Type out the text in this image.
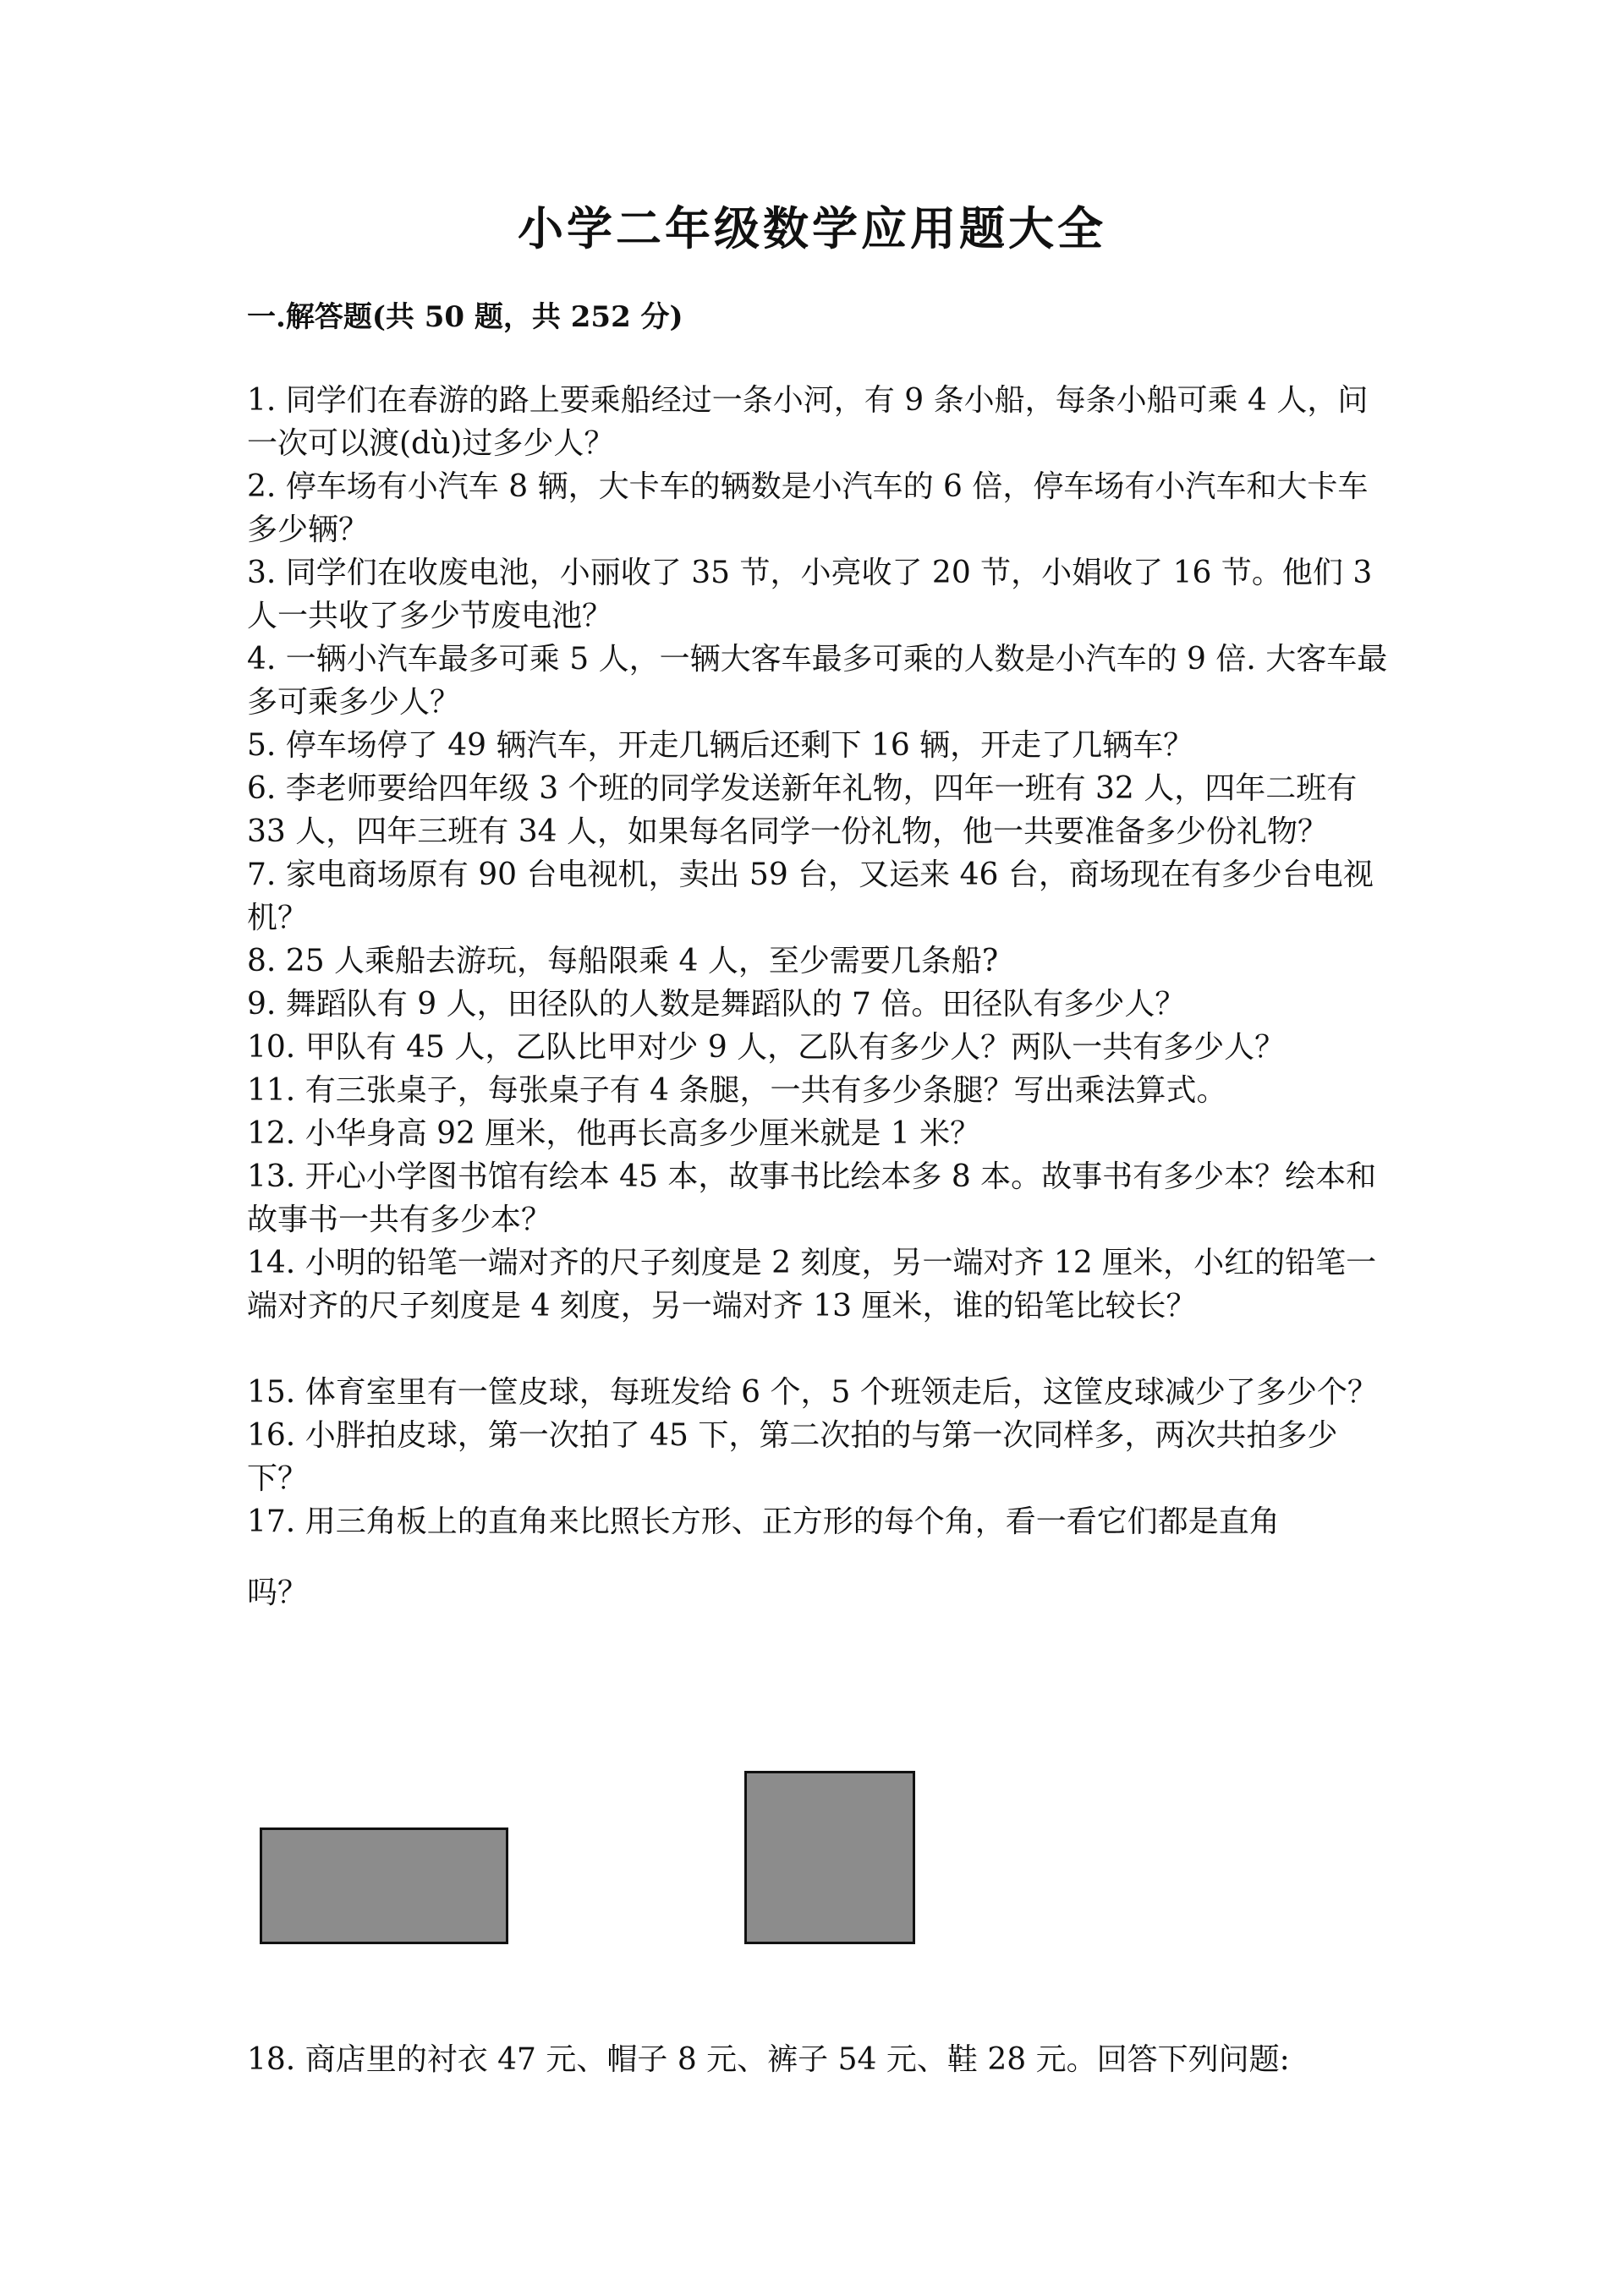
小学二年级数学应用题大全
一.解答题(共 50 题，共 252 分)

1. 同学们在春游的路上要乘船经过一条小河，有 9 条小船，每条小船可乘 4 人，问一次可以渡(dù)过多少人？

2. 停车场有小汽车 8 辆，大卡车的辆数是小汽车的 6 倍，停车场有小汽车和大卡车多少辆？

3. 同学们在收废电池，小丽收了 35 节，小亮收了 20 节，小娟收了 16 节。他们 3 人一共收了多少节废电池？

4. 一辆小汽车最多可乘 5 人，一辆大客车最多可乘的人数是小汽车的 9 倍. 大客车最多可乘多少人？

5. 停车场停了 49 辆汽车，开走几辆后还剩下 16 辆，开走了几辆车？

6. 李老师要给四年级 3 个班的同学发送新年礼物，四年一班有 32 人，四年二班有 33 人，四年三班有 34 人，如果每名同学一份礼物，他一共要准备多少份礼物？

7. 家电商场原有 90 台电视机，卖出 59 台，又运来 46 台，商场现在有多少台电视机？

8. 25 人乘船去游玩，每船限乘 4 人，至少需要几条船?

9. 舞蹈队有 9 人，田径队的人数是舞蹈队的 7 倍。田径队有多少人？

10. 甲队有 45 人，乙队比甲对少 9 人，乙队有多少人？两队一共有多少人？

11. 有三张桌子，每张桌子有 4 条腿，一共有多少条腿？写出乘法算式。

12. 小华身高 92 厘米，他再长高多少厘米就是 1 米？

13. 开心小学图书馆有绘本 45 本，故事书比绘本多 8 本。故事书有多少本？绘本和故事书一共有多少本？

14. 小明的铅笔一端对齐的尺子刻度是 2 刻度，另一端对齐 12 厘米，小红的铅笔一端对齐的尺子刻度是 4 刻度，另一端对齐 13 厘米，谁的铅笔比较长？

15. 体育室里有一筐皮球，每班发给 6 个，5 个班领走后，这筐皮球减少了多少个？

16. 小胖拍皮球，第一次拍了 45 下，第二次拍的与第一次同样多，两次共拍多少下？

17. 用三角板上的直角来比照长方形、正方形的每个角，看一看它们都是直角
吗？

18. 商店里的衬衣 47 元、帽子 8 元、裤子 54 元、鞋 28 元。回答下列问题:
